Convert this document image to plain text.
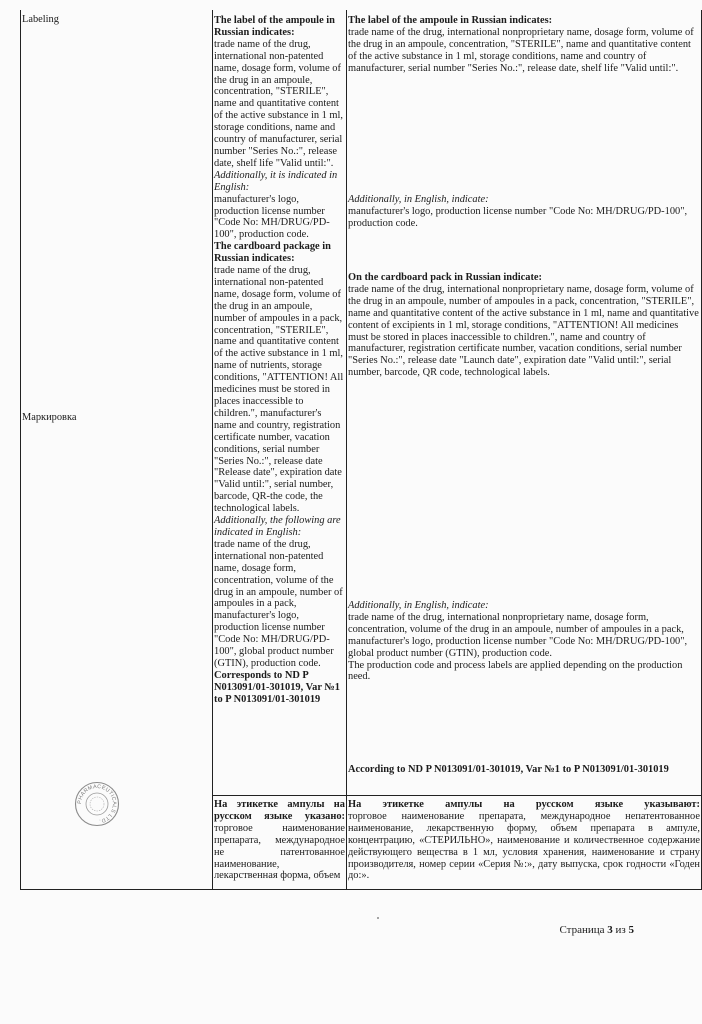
Labeling
Маркировка

The label of the ampoule in Russian indicates:

trade name of the drug, international non-patented name, dosage form, volume of the drug in an ampoule, concentration, "STERILE", name and quantitative content of the active substance in 1 ml, storage conditions, name and country of manufacturer, serial number "Series No.:", release date, shelf life "Valid until:".

Additionally, it is indicated in English:

manufacturer's logo, production license number "Code No: MH/DRUG/PD-100", production code.

The cardboard package in Russian indicates:

trade name of the drug, international non-patented name, dosage form, volume of the drug in an ampoule, number of ampoules in a pack, concentration, "STERILE", name and quantitative content of the active substance in 1 ml, name of nutrients, storage conditions, "ATTENTION! All medicines must be stored in places inaccessible to children.", manufacturer's name and country, registration certificate number, vacation conditions, serial number "Series No.:", release date "Release date", expiration date "Valid until:", serial number, barcode, QR-the code, the technological labels.

Additionally, the following are indicated in English:

trade name of the drug, international non-patented name, dosage form, concentration, volume of the drug in an ampoule, number of ampoules in a pack, manufacturer's logo, production license number "Code No: MH/DRUG/PD-100", global product number (GTIN), production code.

Corresponds to ND P N013091/01-301019, Var №1 to P N013091/01-301019

На этикетке ампулы на русском языке указано:

торговое наименование препарата, международное не патентованное наименование, лекарственная форма, объем

The label of the ampoule in Russian indicates:

trade name of the drug, international nonproprietary name, dosage form, volume of the drug in an ampoule, concentration, "STERILE", name and quantitative content of the active substance in 1 ml, storage conditions, name and country of manufacturer, serial number "Series No.:", release date, shelf life "Valid until:".

Additionally, in English, indicate:

manufacturer's logo, production license number "Code No: MH/DRUG/PD-100", production code.

On the cardboard pack in Russian indicate:

trade name of the drug, international nonproprietary name, dosage form, volume of the drug in an ampoule, number of ampoules in a pack, concentration, "STERILE", name and quantitative content of the active substance in 1 ml, name and quantitative content of excipients in 1 ml, storage conditions, "ATTENTION! All medicines must be stored in places inaccessible to children.", name and country of manufacturer, registration certificate number, vacation conditions, serial number "Series No.:", release date "Launch date", expiration date "Valid until:", serial number, barcode, QR code, technological labels.

Additionally, in English, indicate:

trade name of the drug, international nonproprietary name, dosage form, concentration, volume of the drug in an ampoule, number of ampoules in a pack, manufacturer's logo, production license number "Code No: MH/DRUG/PD-100", global product number (GTIN), production code.

The production code and process labels are applied depending on the production need.

According to ND P N013091/01-301019, Var №1 to P N013091/01-301019

На этикетке ампулы на русском языке указывают:

торговое наименование препарата, международное непатентованное наименование, лекарственную форму, объем препарата в ампуле, концентрацию, «СТЕРИЛЬНО», наименование и количественное содержание действующего вещества в 1 мл, условия хранения, наименование и страну производителя, номер серии «Серия №:», дату выпуска, срок годности «Годен до:».

PHARMACEUTICALS LTD.
Страница 3 из 5
